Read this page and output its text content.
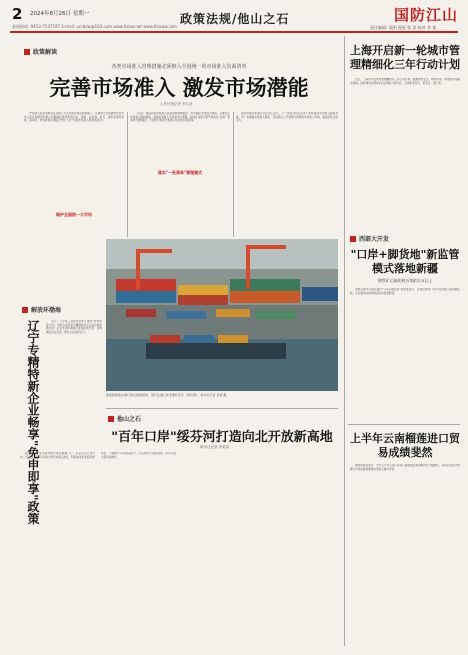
2 2024年8月26日 星期一
新闻热线: 0453-7537197 E-mail: ycrbzw@163.com www.ltzxw.net www.ltzxww.com
政策法规/他山之石	国防江山
责任编辑: 高明 视觉 张 某 校对 李 某
政策解读
各类市场准入管理措施必须纳入全国统一的市场准入负面清单
完善市场准入 激发市场潜能
人民日报记者 李心萍

市场准入负面清单是在总体上不涉及国家秘密的前提下，以清单方式明确列出在中华人民共和国境内禁止和限制投资经营的行业、领域、业务等。近日，国家发展改革委、商务部、市场监管总局联合发布《关于完善市场准入制度的意见》。

维护全国统一大市场

《意见》围绕完善市场准入负面清单管理模式、科学确定市场准入规则、合理设定市场准入限制措施、加强市场准入评估等作出部署。各地区各部门要严格落实"全国一张清单"管理模式，不得另行制定市场准入性质的负面清单。

落实"一张清单"管理模式

国家发展改革委有关负责人表示，下一步将会同有关部门持续推动市场准入制度完善，进一步破除市场准入壁垒，营造稳定公平透明可预期的市场准入环境，激发经营主体活力。

解放环渤海
辽宁专精特新企业畅享"免申即享"政策	近日，辽宁省工业和信息化厅通过"免申即享"方式，向符合条件的专精特新中小企业兑现奖励资金。企业无需申请即可享受政策红利，有效减轻企业负担，激发企业创新活力。

集装箱船舶在港口码头装卸货物，现代化港口作业繁忙有序（资料图）。新华社记者 某某 摄
他山之石
"百年口岸"绥芬河打造向北开放新高地
新华社记者 刘某某

绥芬河口岸是中国对俄开放的重要门户，有着百年口岸历史。近年来，绥芬河依托自贸试验区建设，积极推进贸易投资便利化，不断提升口岸通关能力，打造向北开放新高地，进出口货运量持续增长。

上海开启新一轮城市管理精细化三年行动计划

近日，上海市印发城市管理精细化三年行动计划，聚焦城市安全、城市环境、城市服务等重点领域，推进城市治理体系和治理能力现代化，让城市更有序、更安全、更干净。

西部大开发
"口岸+脚货地"新监管模式落地新疆
钢铁矿运输用时压缩约1/3以上

新疆乌鲁木齐海关推出"口岸+脚货地"新监管模式，实现货物在口岸与目的地之间高效流转，企业通关时间和物流成本显著降低。

上半年云南榴莲进口贸易成绩斐然

据昆明海关统计，今年上半年云南口岸进口榴莲数量和金额同比大幅增长，东南亚优质水果通过中老铁路等通道快速进入国内市场。
